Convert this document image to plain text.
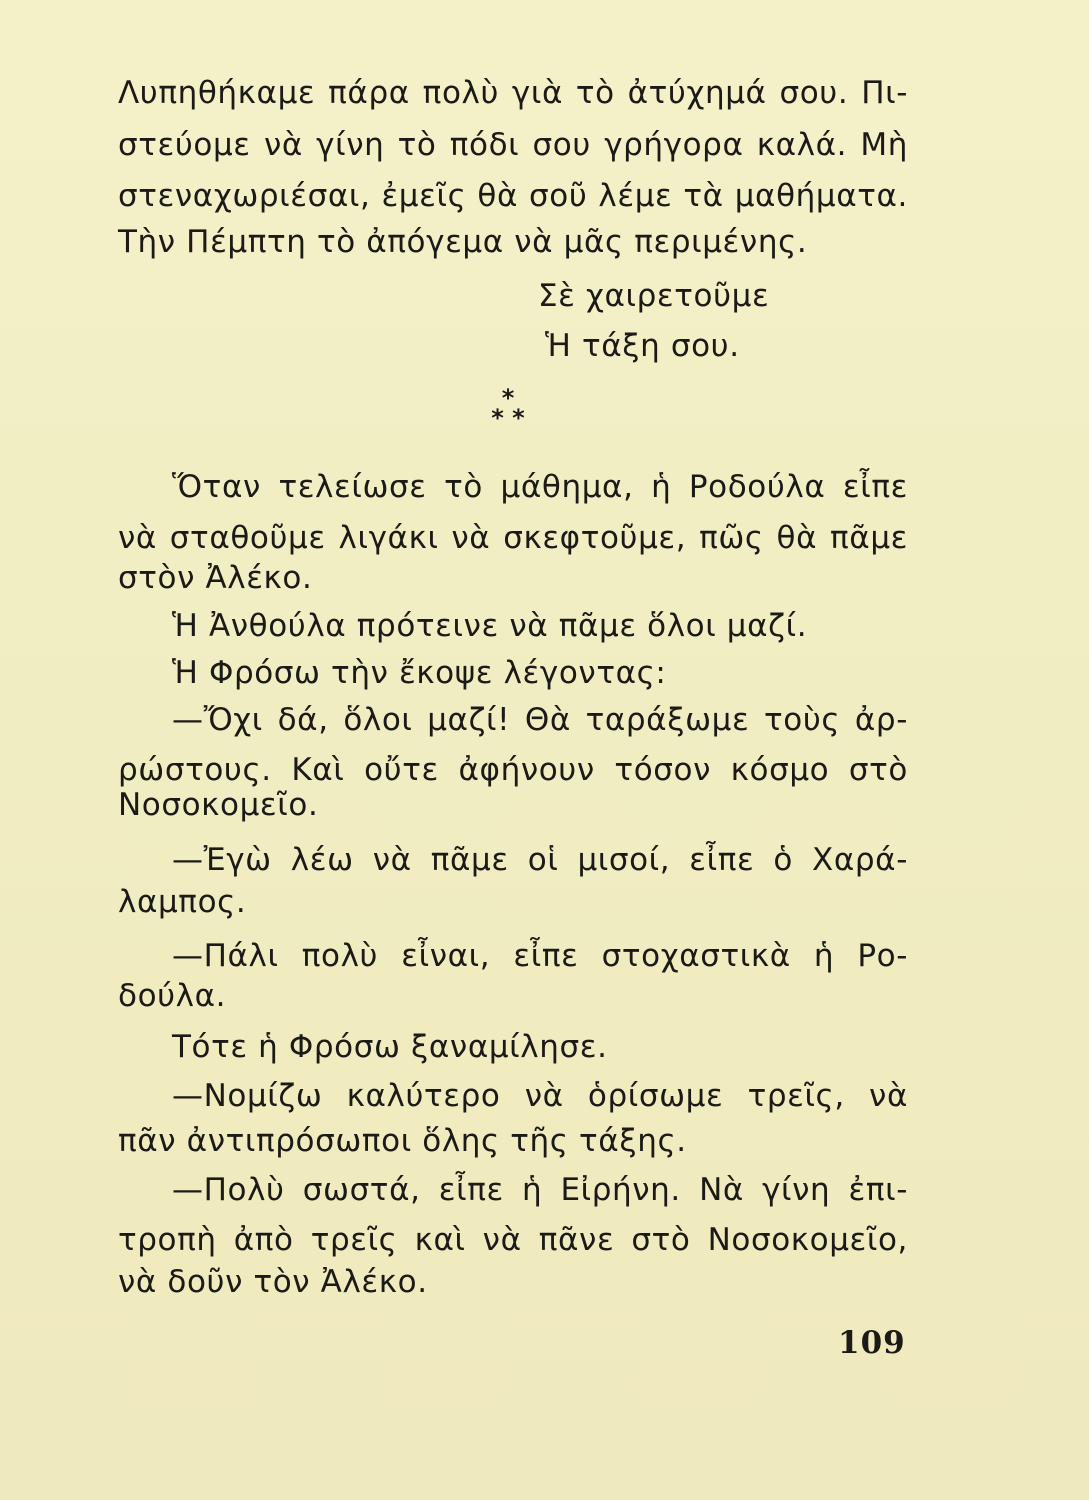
Λυπηθήκαμε πάρα πολὺ γιὰ τὸ ἀτύχημά σου. Πι-
στεύομε νὰ γίνη τὸ πόδι σου γρήγορα καλά. Μὴ
στεναχωριέσαι, ἐμεῖς θὰ σοῦ λέμε τὰ μαθήματα.
Τὴν Πέμπτη τὸ ἀπόγεμα νὰ μᾶς περιμένης.
Σὲ χαιρετοῦμε
Ἡ τάξη σου.
*
* *
Ὅταν τελείωσε τὸ μάθημα, ἡ Ροδούλα εἶπε
νὰ σταθοῦμε λιγάκι νὰ σκεφτοῦμε, πῶς θὰ πᾶμε
στὸν Ἀλέκο.
Ἡ Ἀνθούλα πρότεινε νὰ πᾶμε ὅλοι μαζί.
Ἡ Φρόσω τὴν ἔκοψε λέγοντας:
—Ὄχι δά, ὅλοι μαζί! Θὰ ταράξωμε τοὺς ἀρ-
ρώστους. Καὶ οὔτε ἀφήνουν τόσον κόσμο στὸ
Νοσοκομεῖο.
—Ἐγὼ λέω νὰ πᾶμε οἱ μισοί, εἶπε ὁ Χαρά-
λαμπος.
—Πάλι πολὺ εἶναι, εἶπε στοχαστικὰ ἡ Ρο-
δούλα.
Τότε ἡ Φρόσω ξαναμίλησε.
—Νομίζω καλύτερο νὰ ὁρίσωμε τρεῖς, νὰ
πᾶν ἀντιπρόσωποι ὅλης τῆς τάξης.
—Πολὺ σωστά, εἶπε ἡ Εἰρήνη. Νὰ γίνη ἐπι-
τροπὴ ἀπὸ τρεῖς καὶ νὰ πᾶνε στὸ Νοσοκομεῖο,
νὰ δοῦν τὸν Ἀλέκο.
109
